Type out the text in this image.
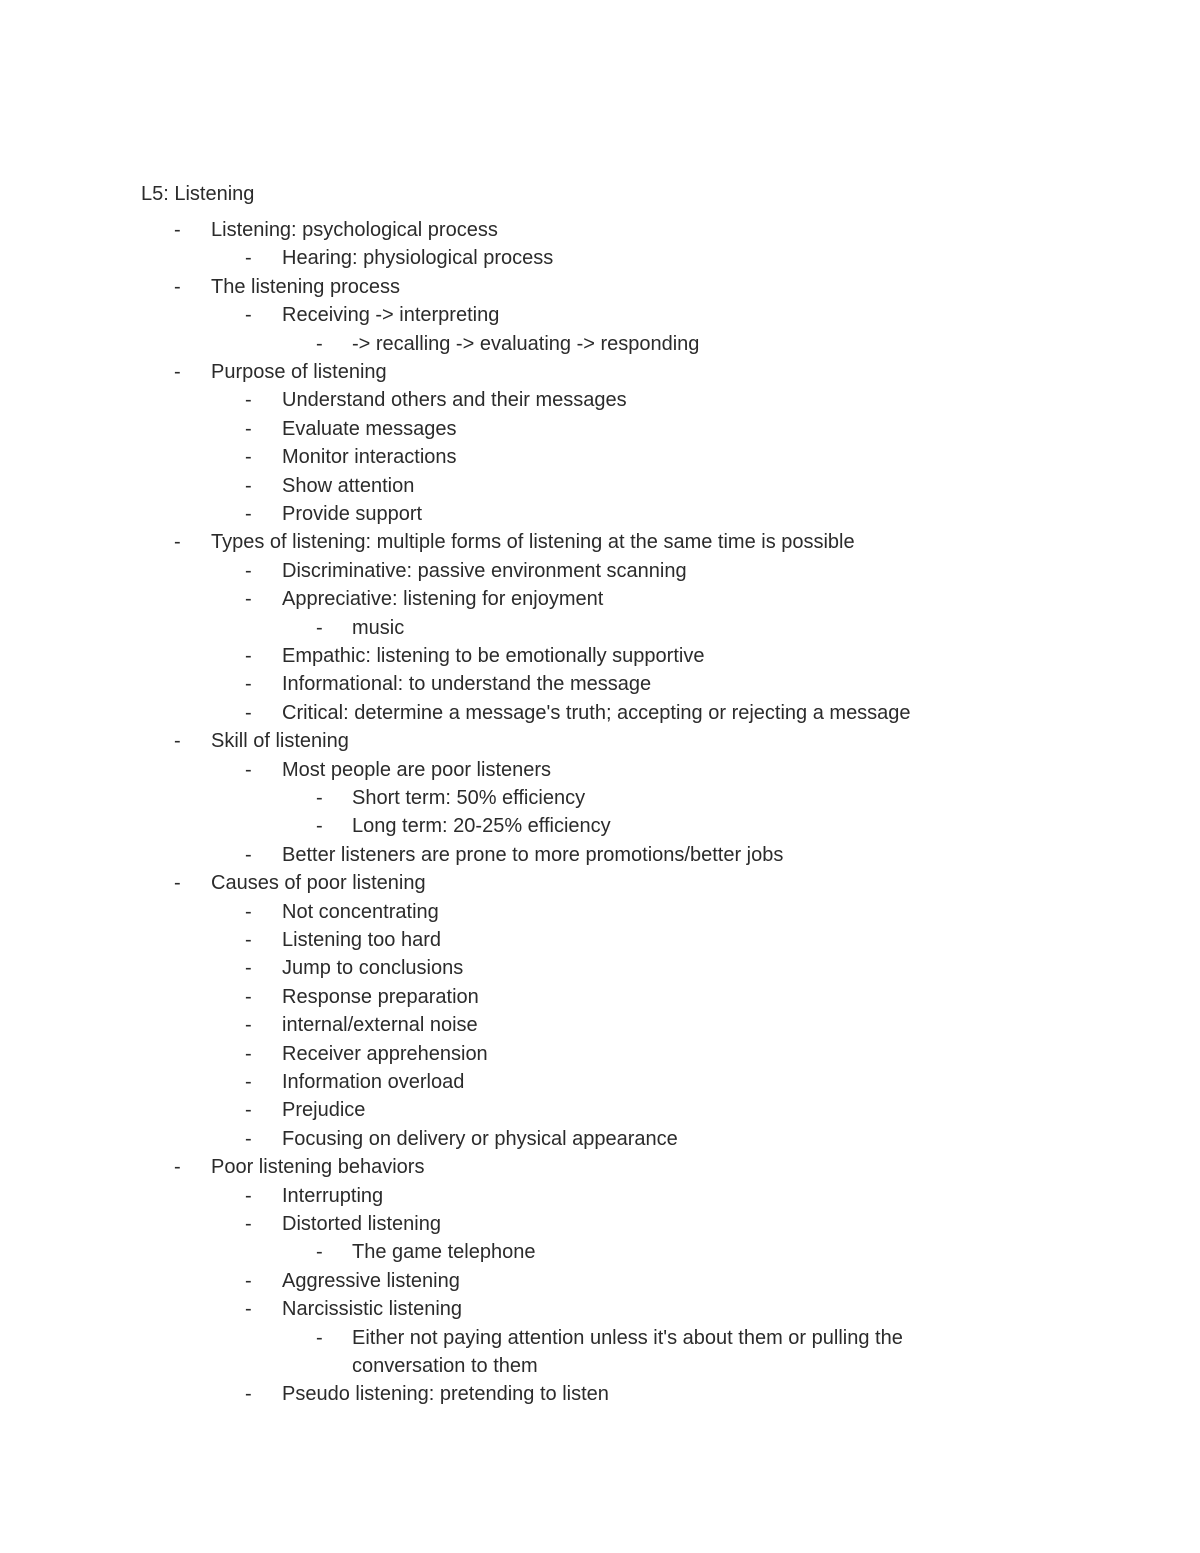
L5: Listening
-	Listening: psychological process
-	Hearing: physiological process
-	The listening process
-	Receiving -> interpreting
-	-> recalling -> evaluating -> responding
-	Purpose of listening
-	Understand others and their messages
-	Evaluate messages
-	Monitor interactions
-	Show attention
-	Provide support
-	Types of listening: multiple forms of listening at the same time is possible
-	Discriminative: passive environment scanning
-	Appreciative: listening for enjoyment
-	music
-	Empathic: listening to be emotionally supportive
-	Informational: to understand the message
-	Critical: determine a message's truth; accepting or rejecting a message
-	Skill of listening
-	Most people are poor listeners
-	Short term: 50% efficiency
-	Long term: 20-25% efficiency
-	Better listeners are prone to more promotions/better jobs
-	Causes of poor listening
-	Not concentrating
-	Listening too hard
-	Jump to conclusions
-	Response preparation
-	internal/external noise
-	Receiver apprehension
-	Information overload
-	Prejudice
-	Focusing on delivery or physical appearance
-	Poor listening behaviors
-	Interrupting
-	Distorted listening
-	The game telephone
-	Aggressive listening
-	Narcissistic listening
-	Either not paying attention unless it's about them or pulling the
conversation to them
-	Pseudo listening: pretending to listen
